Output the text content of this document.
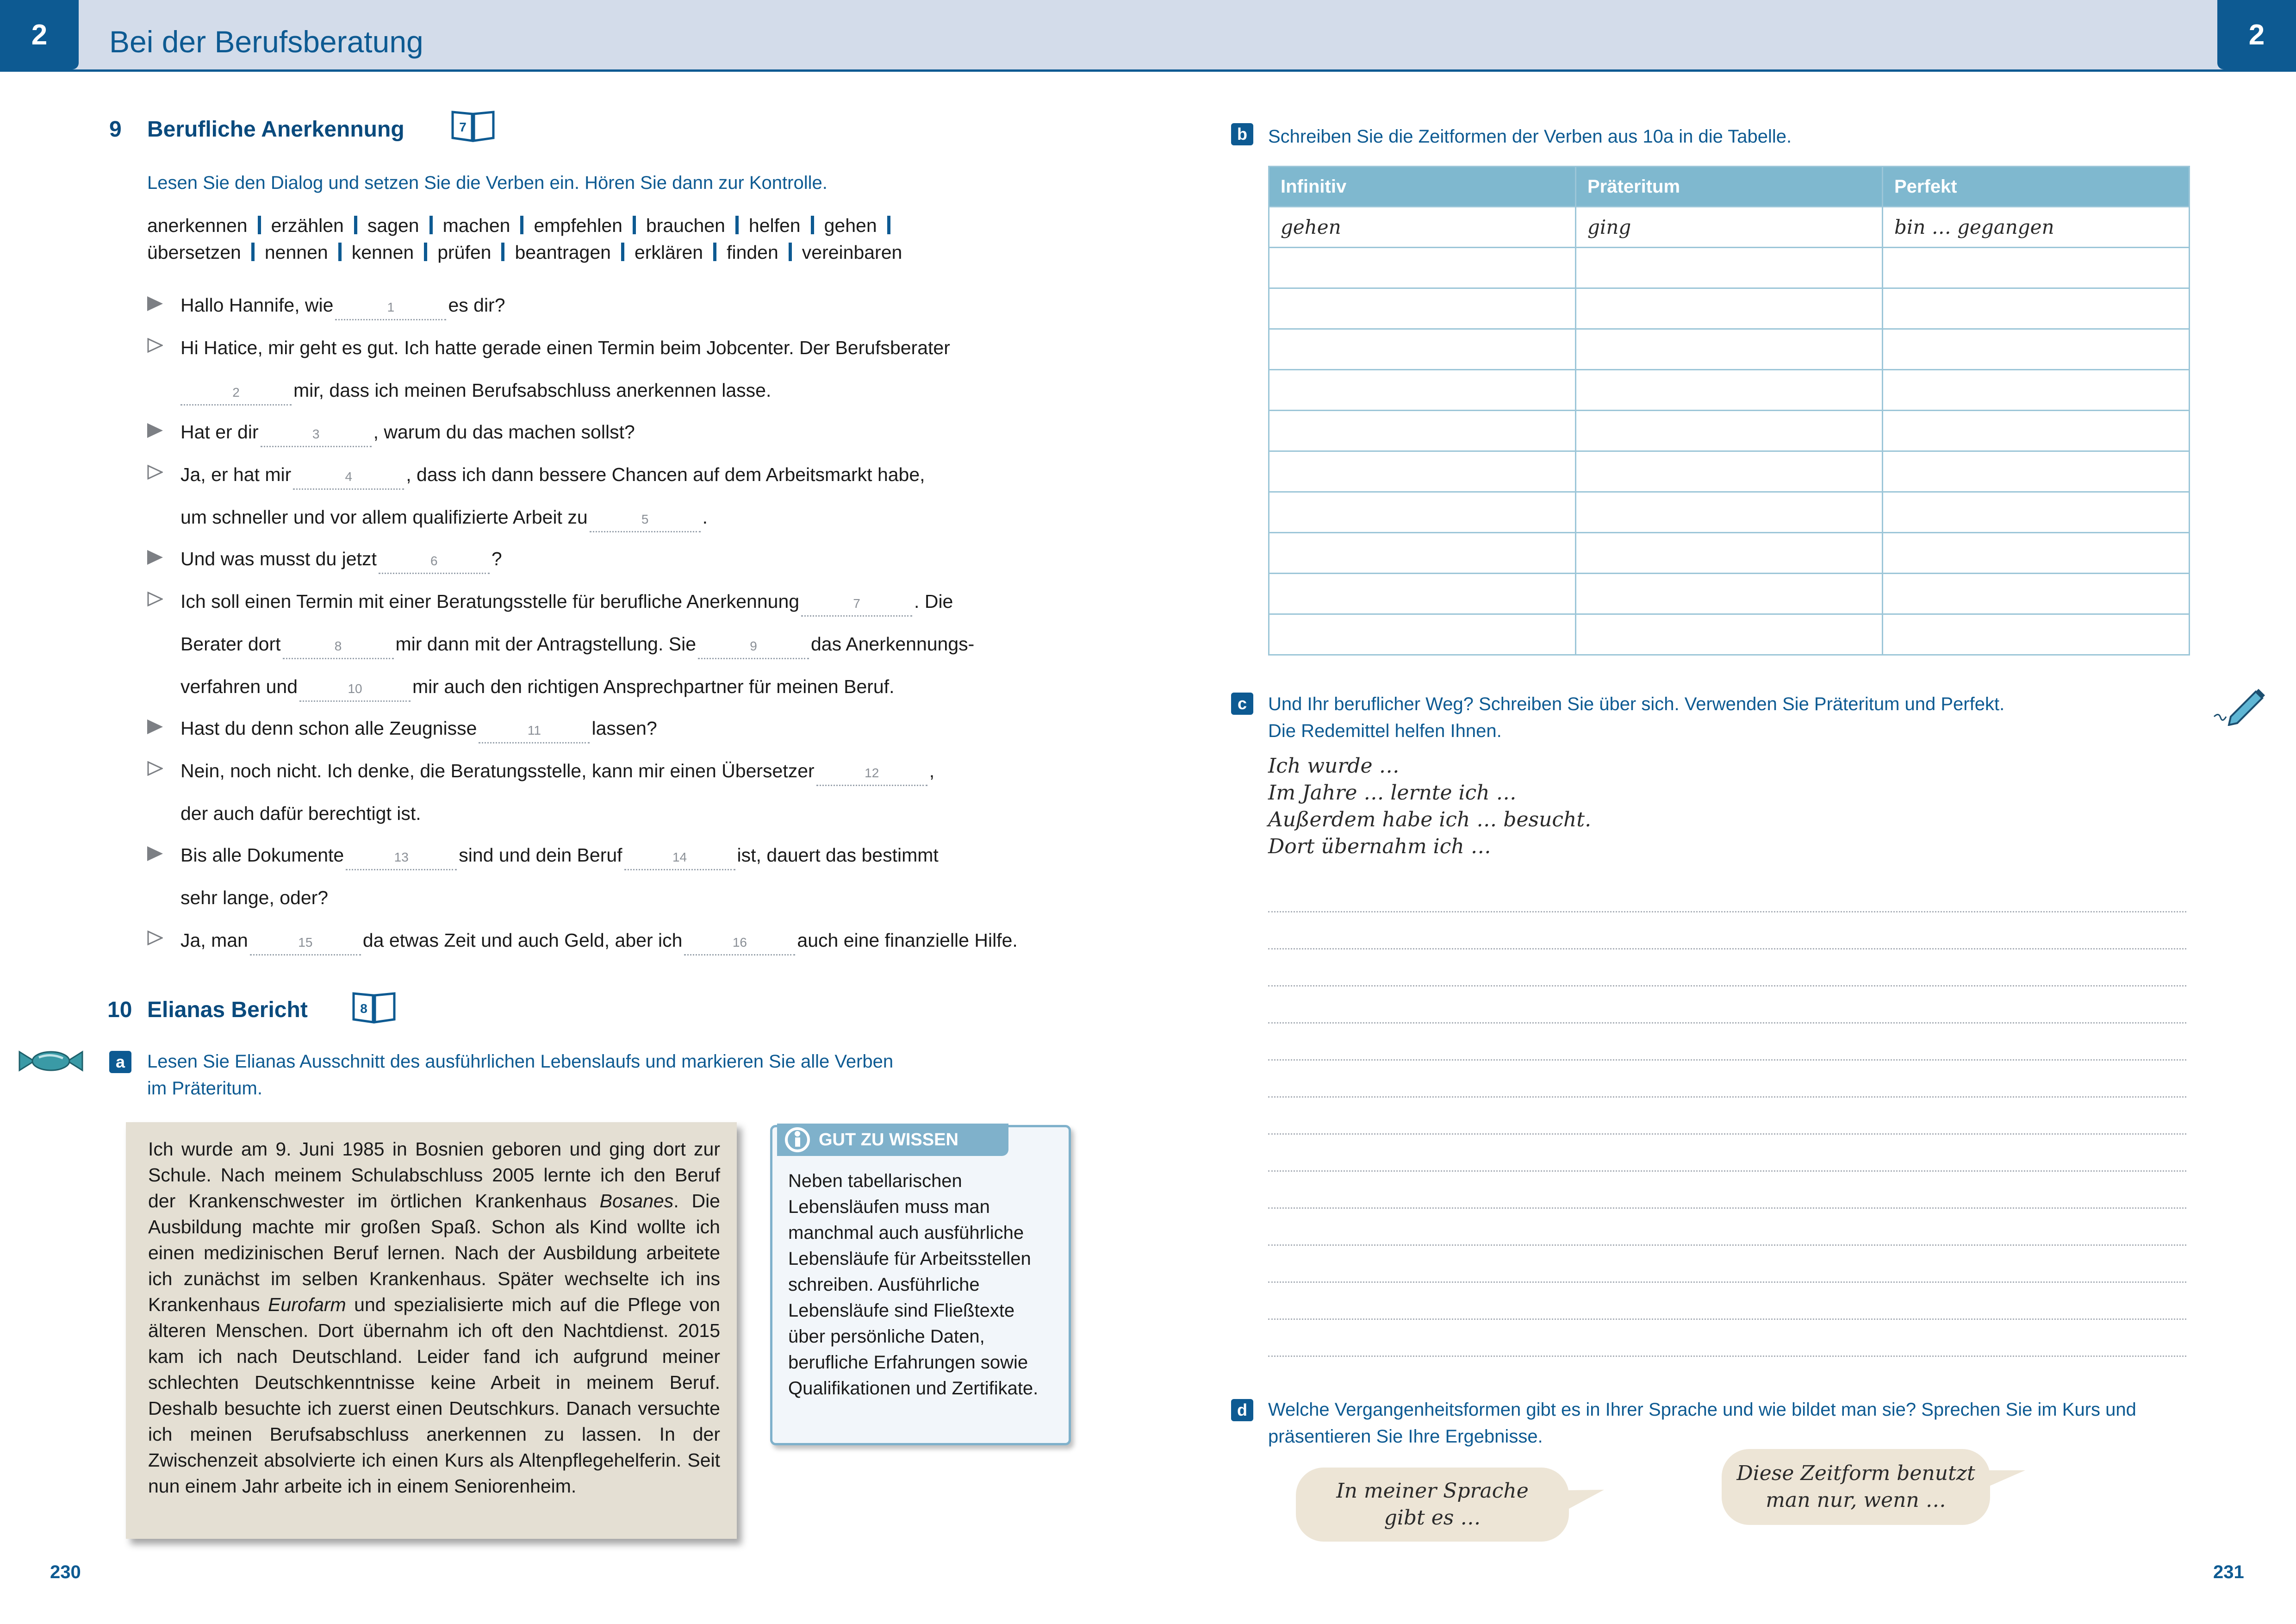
2	Bei der Berufsberatung	2
9 Berufliche Anerkennung	7
Lesen Sie den Dialog und setzen Sie die Verben ein. Hören Sie dann zur Kontrolle.
anerkennen erzählen sagen machen empfehlen brauchen helfen gehen
übersetzen nennen kennen prüfen beantragen erklären finden vereinbaren
Hallo Hannife, wie	1	es dir?
Hi Hatice, mir geht es gut. Ich hatte gerade einen Termin beim Jobcenter. Der Berufsberater
2	mir, dass ich meinen Berufsabschluss anerkennen lasse.
Hat er dir	3	, warum du das machen sollst?
Ja, er hat mir	4	, dass ich dann bessere Chancen auf dem Arbeitsmarkt habe,
um schneller und vor allem qualifizierte Arbeit zu	5	.
Und was musst du jetzt	6	?
Ich soll einen Termin mit einer Beratungsstelle für berufliche Anerkennung	7	. Die
Berater dort	8	mir dann mit der Antragstellung. Sie	9	das Anerkennungs-
verfahren und	10	mir auch den richtigen Ansprechpartner für meinen Beruf.
Hast du denn schon alle Zeugnisse	11	lassen?
Nein, noch nicht. Ich denke, die Beratungsstelle, kann mir einen Übersetzer	12	,
der auch dafür berechtigt ist.
Bis alle Dokumente	13	sind und dein Beruf	14	ist, dauert das bestimmt
sehr lange, oder?
Ja, man	15	da etwas Zeit und auch Geld, aber ich	16	auch eine finanzielle Hilfe.
10 Elianas Bericht	8
a	Lesen Sie Elianas Ausschnitt des ausführlichen Lebenslaufs und markieren Sie alle Verben
im Präteritum.
Ich wurde am 9. Juni 1985 in Bosnien geboren und ging dort zur Schule. Nach meinem Schulabschluss 2005 lernte ich den Beruf der Krankenschwester im örtlichen Krankenhaus Bosanes. Die Ausbildung machte mir großen Spaß. Schon als Kind wollte ich einen medizinischen Beruf lernen. Nach der Ausbildung arbeitete ich zunächst im selben Krankenhaus. Später wechselte ich ins Krankenhaus Eurofarm und spezialisierte mich auf die Pflege von älteren Menschen. Dort übernahm ich oft den Nachtdienst. 2015 kam ich nach Deutschland. Leider fand ich aufgrund meiner schlechten Deutschkenntnisse keine Arbeit in meinem Beruf. Deshalb besuchte ich zuerst einen Deutschkurs. Danach versuchte ich meinen Berufsabschluss anerkennen zu lassen. In der Zwischenzeit absolvierte ich einen Kurs als Altenpflegehelferin. Seit nun einem Jahr arbeite ich in einem Seniorenheim.
GUT ZU WISSEN
Neben tabellarischen Lebensläufen muss man manchmal auch ausführliche Lebensläufe für Arbeitsstellen schreiben. Ausführliche Lebensläufe sind Fließtexte über persönliche Daten, berufliche Erfahrungen sowie Qualifikationen und Zertifikate.
b	Schreiben Sie die Zeitformen der Verben aus 10a in die Tabelle.
Infinitiv	Präteritum	Perfekt
gehen	ging	bin … gegangen

c	Und Ihr beruflicher Weg? Schreiben Sie über sich. Verwenden Sie Präteritum und Perfekt.
Die Redemittel helfen Ihnen.
Ich wurde …
Im Jahre … lernte ich …
Außerdem habe ich … besucht.
Dort übernahm ich …
d	Welche Vergangenheitsformen gibt es in Ihrer Sprache und wie bildet man sie? Sprechen Sie im Kurs und
präsentieren Sie Ihre Ergebnisse.
In meiner Sprache
gibt es …
Diese Zeitform benutzt
man nur, wenn …
230	231
